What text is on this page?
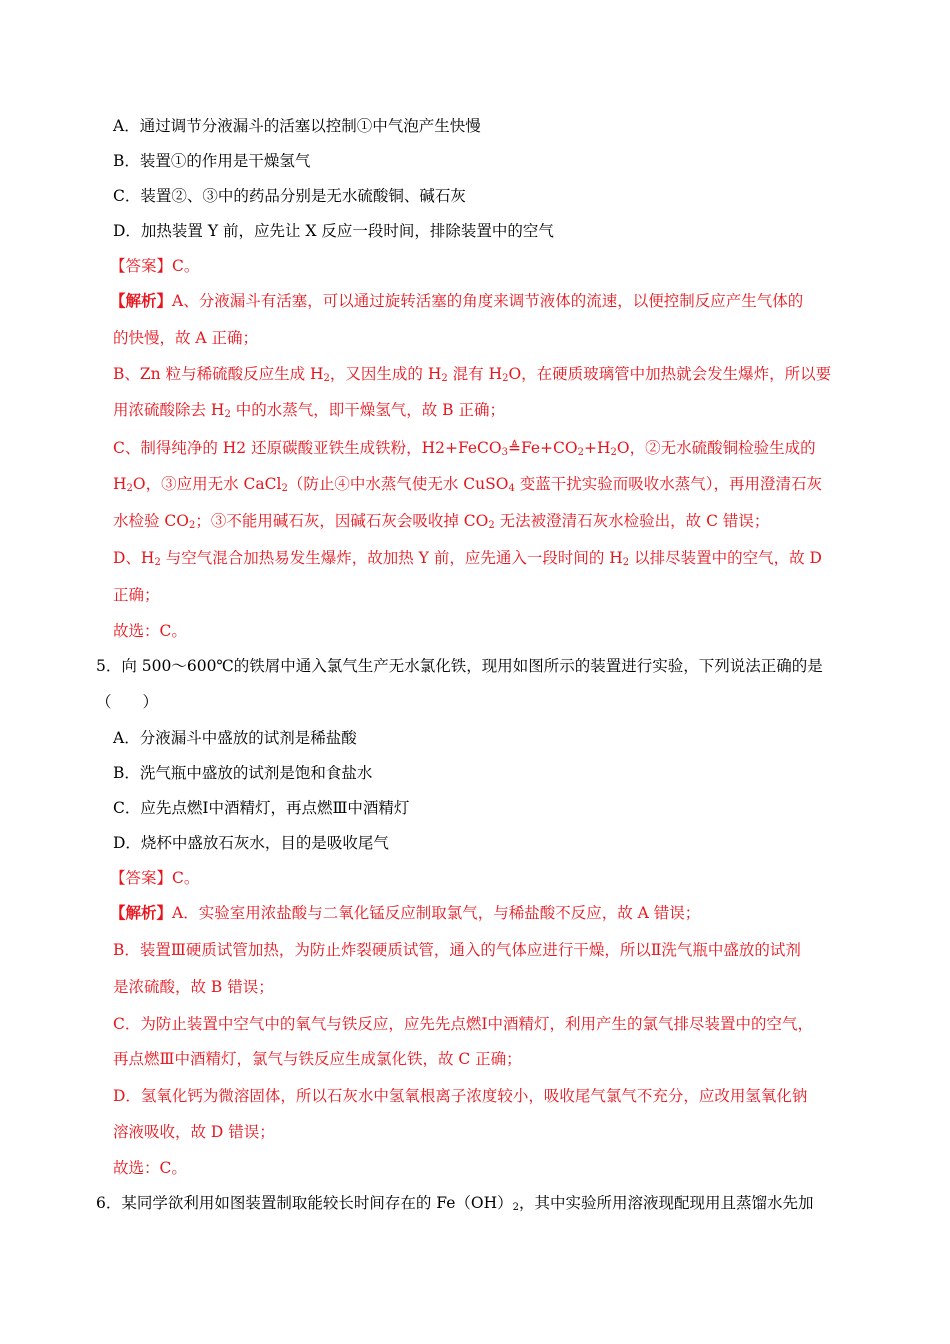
A．通过调节分液漏斗的活塞以控制①中气泡产生快慢
B．装置①的作用是干燥氢气
C．装置②、③中的药品分别是无水硫酸铜、碱石灰
D．加热装置 Y 前，应先让 X 反应一段时间，排除装置中的空气
【答案】C。
【解析】A、分液漏斗有活塞，可以通过旋转活塞的角度来调节液体的流速，以便控制反应产生气体的
的快慢，故 A 正确；
B、Zn 粒与稀硫酸反应生成 $H_2$，又因生成的 $H_2$ 混有 $H_2O$，在硬质玻璃管中加热就会发生爆炸，所以要
用浓硫酸除去 $H_2$ 中的水蒸气，即干燥氢气，故 B 正确；
C、制得纯净的 H2 还原碳酸亚铁生成铁粉，$H2+FeCO_3≜Fe+CO_2+H_2O$，②无水硫酸铜检验生成的
$H_2O$，③应用无水 CaCl$_2$（防止④中水蒸气使无水 CuSO$_4$ 变蓝干扰实验而吸收水蒸气），再用澄清石灰
水检验 $CO_2$；③不能用碱石灰，因碱石灰会吸收掉 $CO_2$ 无法被澄清石灰水检验出，故 C 错误；
D、$H_2$ 与空气混合加热易发生爆炸，故加热 Y 前，应先通入一段时间的 $H_2$ 以排尽装置中的空气，故 D
正确；
故选：C。
5．向 500～600℃的铁屑中通入氯气生产无水氯化铁，现用如图所示的装置进行实验，下列说法正确的是
（　　）
A．分液漏斗中盛放的试剂是稀盐酸
B．洗气瓶中盛放的试剂是饱和食盐水
C．应先点燃Ⅰ中酒精灯，再点燃Ⅲ中酒精灯
D．烧杯中盛放石灰水，目的是吸收尾气
【答案】C。
【解析】A．实验室用浓盐酸与二氧化锰反应制取氯气，与稀盐酸不反应，故 A 错误；
B．装置Ⅲ硬质试管加热，为防止炸裂硬质试管，通入的气体应进行干燥，所以Ⅱ洗气瓶中盛放的试剂
是浓硫酸，故 B 错误；
C．为防止装置中空气中的氧气与铁反应，应先先点燃Ⅰ中酒精灯，利用产生的氯气排尽装置中的空气，
再点燃Ⅲ中酒精灯，氯气与铁反应生成氯化铁，故 C 正确；
D．氢氧化钙为微溶固体，所以石灰水中氢氧根离子浓度较小，吸收尾气氯气不充分，应改用氢氧化钠
溶液吸收，故 D 错误；
故选：C。
6．某同学欲利用如图装置制取能较长时间存在的 $Fe(OH)_2$，其中实验所用溶液现配现用且蒸馏水先加
